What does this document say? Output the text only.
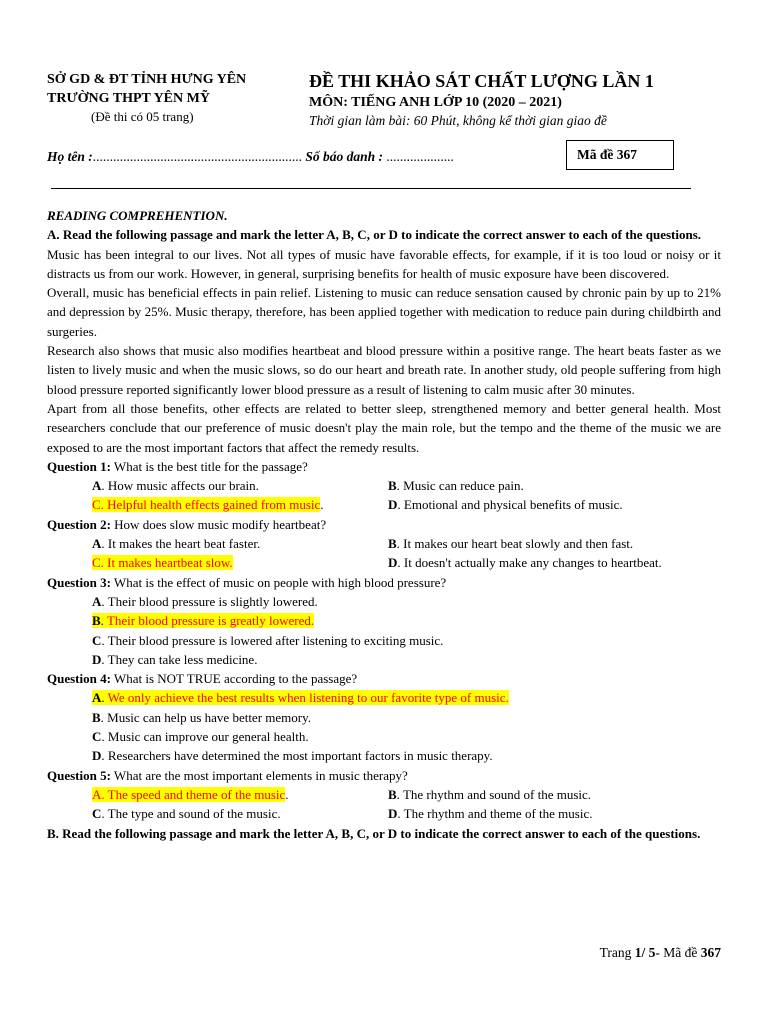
SỞ GD & ĐT TỈNH HƯNG YÊN
TRƯỜNG THPT YÊN MỸ
(Đề thi có 05 trang)
ĐỀ THI KHẢO SÁT CHẤT LƯỢNG LẦN 1
MÔN: TIẾNG ANH LỚP 10 (2020 – 2021)
Thời gian làm bài: 60 Phút, không kể thời gian giao đề
Họ tên :.............................................................. Số báo danh : ....................	Mã đề 367

READING COMPREHENTION.

A. Read the following passage and mark the letter A, B, C, or D to indicate the correct answer to each of the questions.

Music has been integral to our lives. Not all types of music have favorable effects, for example, if it is too loud or noisy or it distracts us from our work. However, in general, surprising benefits for health of music exposure have been discovered.

Overall, music has beneficial effects in pain relief. Listening to music can reduce sensation caused by chronic pain by up to 21% and depression by 25%. Music therapy, therefore, has been applied together with medication to reduce pain during childbirth and surgeries.

Research also shows that music also modifies heartbeat and blood pressure within a positive range. The heart beats faster as we listen to lively music and when the music slows, so do our heart and breath rate. In another study, old people suffering from high blood pressure reported significantly lower blood pressure as a result of listening to calm music after 30 minutes.

Apart from all those benefits, other effects are related to better sleep, strengthened memory and better general health. Most researchers conclude that our preference of music doesn't play the main role, but the tempo and the theme of the music we are exposed to are the most important factors that affect the remedy results.

Question 1: What is the best title for the passage?

A. How music affects our brain.	B. Music can reduce pain.
C. Helpful health effects gained from music.	D. Emotional and physical benefits of music.

Question 2: How does slow music modify heartbeat?

A. It makes the heart beat faster.	B. It makes our heart beat slowly and then fast.
C. It makes heartbeat slow.	D. It doesn't actually make any changes to heartbeat.

Question 3: What is the effect of music on people with high blood pressure?

A. Their blood pressure is slightly lowered.
B. Their blood pressure is greatly lowered.
C. Their blood pressure is lowered after listening to exciting music.
D. They can take less medicine.

Question 4: What is NOT TRUE according to the passage?

A. We only achieve the best results when listening to our favorite type of music.
B. Music can help us have better memory.
C. Music can improve our general health.
D. Researchers have determined the most important factors in music therapy.

Question 5: What are the most important elements in music therapy?

A. The speed and theme of the music.	B. The rhythm and sound of the music.
C. The type and sound of the music.	D. The rhythm and theme of the music.

B. Read the following passage and mark the letter A, B, C, or D to indicate the correct answer to each of the questions.

Trang 1/ 5- Mã đề 367
